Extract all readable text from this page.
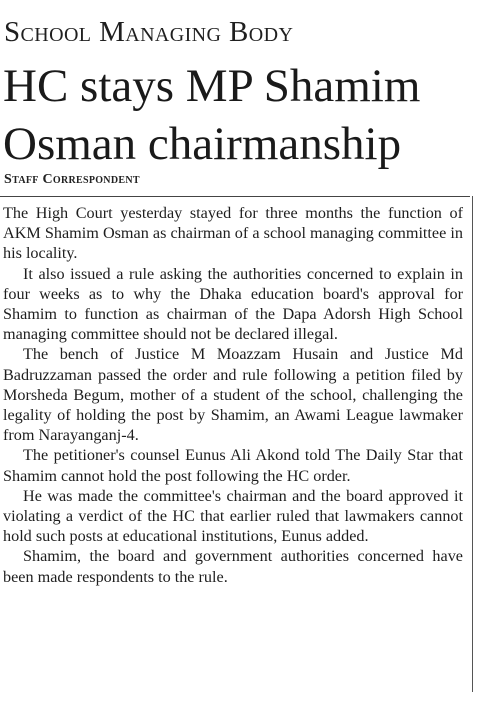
School Managing Body
HC stays MP Shamim
Osman chairmanship
Staff Correspondent

The High Court yesterday stayed for three months the function of AKM Shamim Osman as chairman of a school managing committee in his locality.

It also issued a rule asking the authorities concerned to explain in four weeks as to why the Dhaka education board's approval for Shamim to function as chairman of the Dapa Adorsh High School managing committee should not be declared illegal.

The bench of Justice M Moazzam Husain and Justice Md Badruzzaman passed the order and rule following a petition filed by Morsheda Begum, mother of a student of the school, challenging the legality of holding the post by Shamim, an Awami League lawmaker from Narayanganj-4.

The petitioner's counsel Eunus Ali Akond told The Daily Star that Shamim cannot hold the post following the HC order.

He was made the committee's chairman and the board approved it violating a verdict of the HC that earlier ruled that lawmakers cannot hold such posts at educational institutions, Eunus added.

Shamim, the board and government authorities concerned have been made respondents to the rule.
